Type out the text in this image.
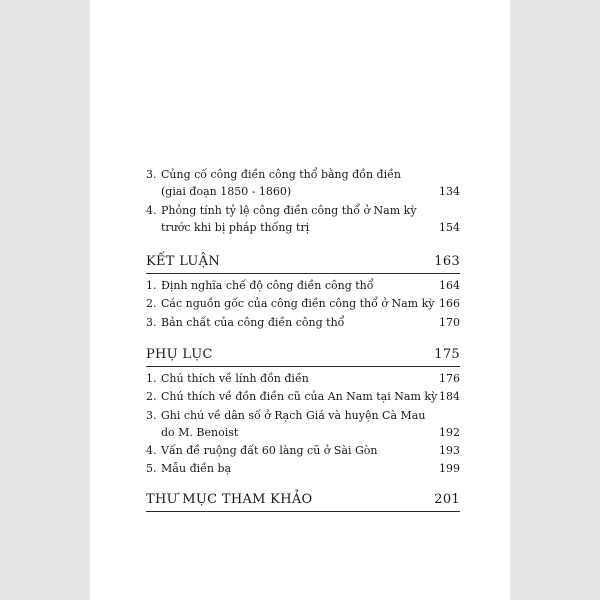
3. Củng cố công điền công thổ bằng đồn điền
(giai đoạn 1850 - 1860)	134
4. Phỏng tính tỷ lệ công điền công thổ ở Nam kỳ
trước khi bị pháp thống trị	154
KẾT LUẬN	163
1. Định nghĩa chế độ công điền công thổ	164
2. Các nguồn gốc của công điền công thổ ở Nam kỳ 166
3. Bản chất của công điền công thổ	170
PHỤ LỤC	175
1. Chú thích về lính đồn điền	176
2. Chú thích về đồn điền cũ của An Nam tại Nam kỳ 184
3. Ghi chú về dân số ở Rạch Giá và huyện Cà Mau
do M. Benoist	192
4. Vấn đề ruộng đất 60 làng cũ ở Sài Gòn	193
5. Mẫu điền bạ	199
THƯ MỤC THAM KHẢO	201
